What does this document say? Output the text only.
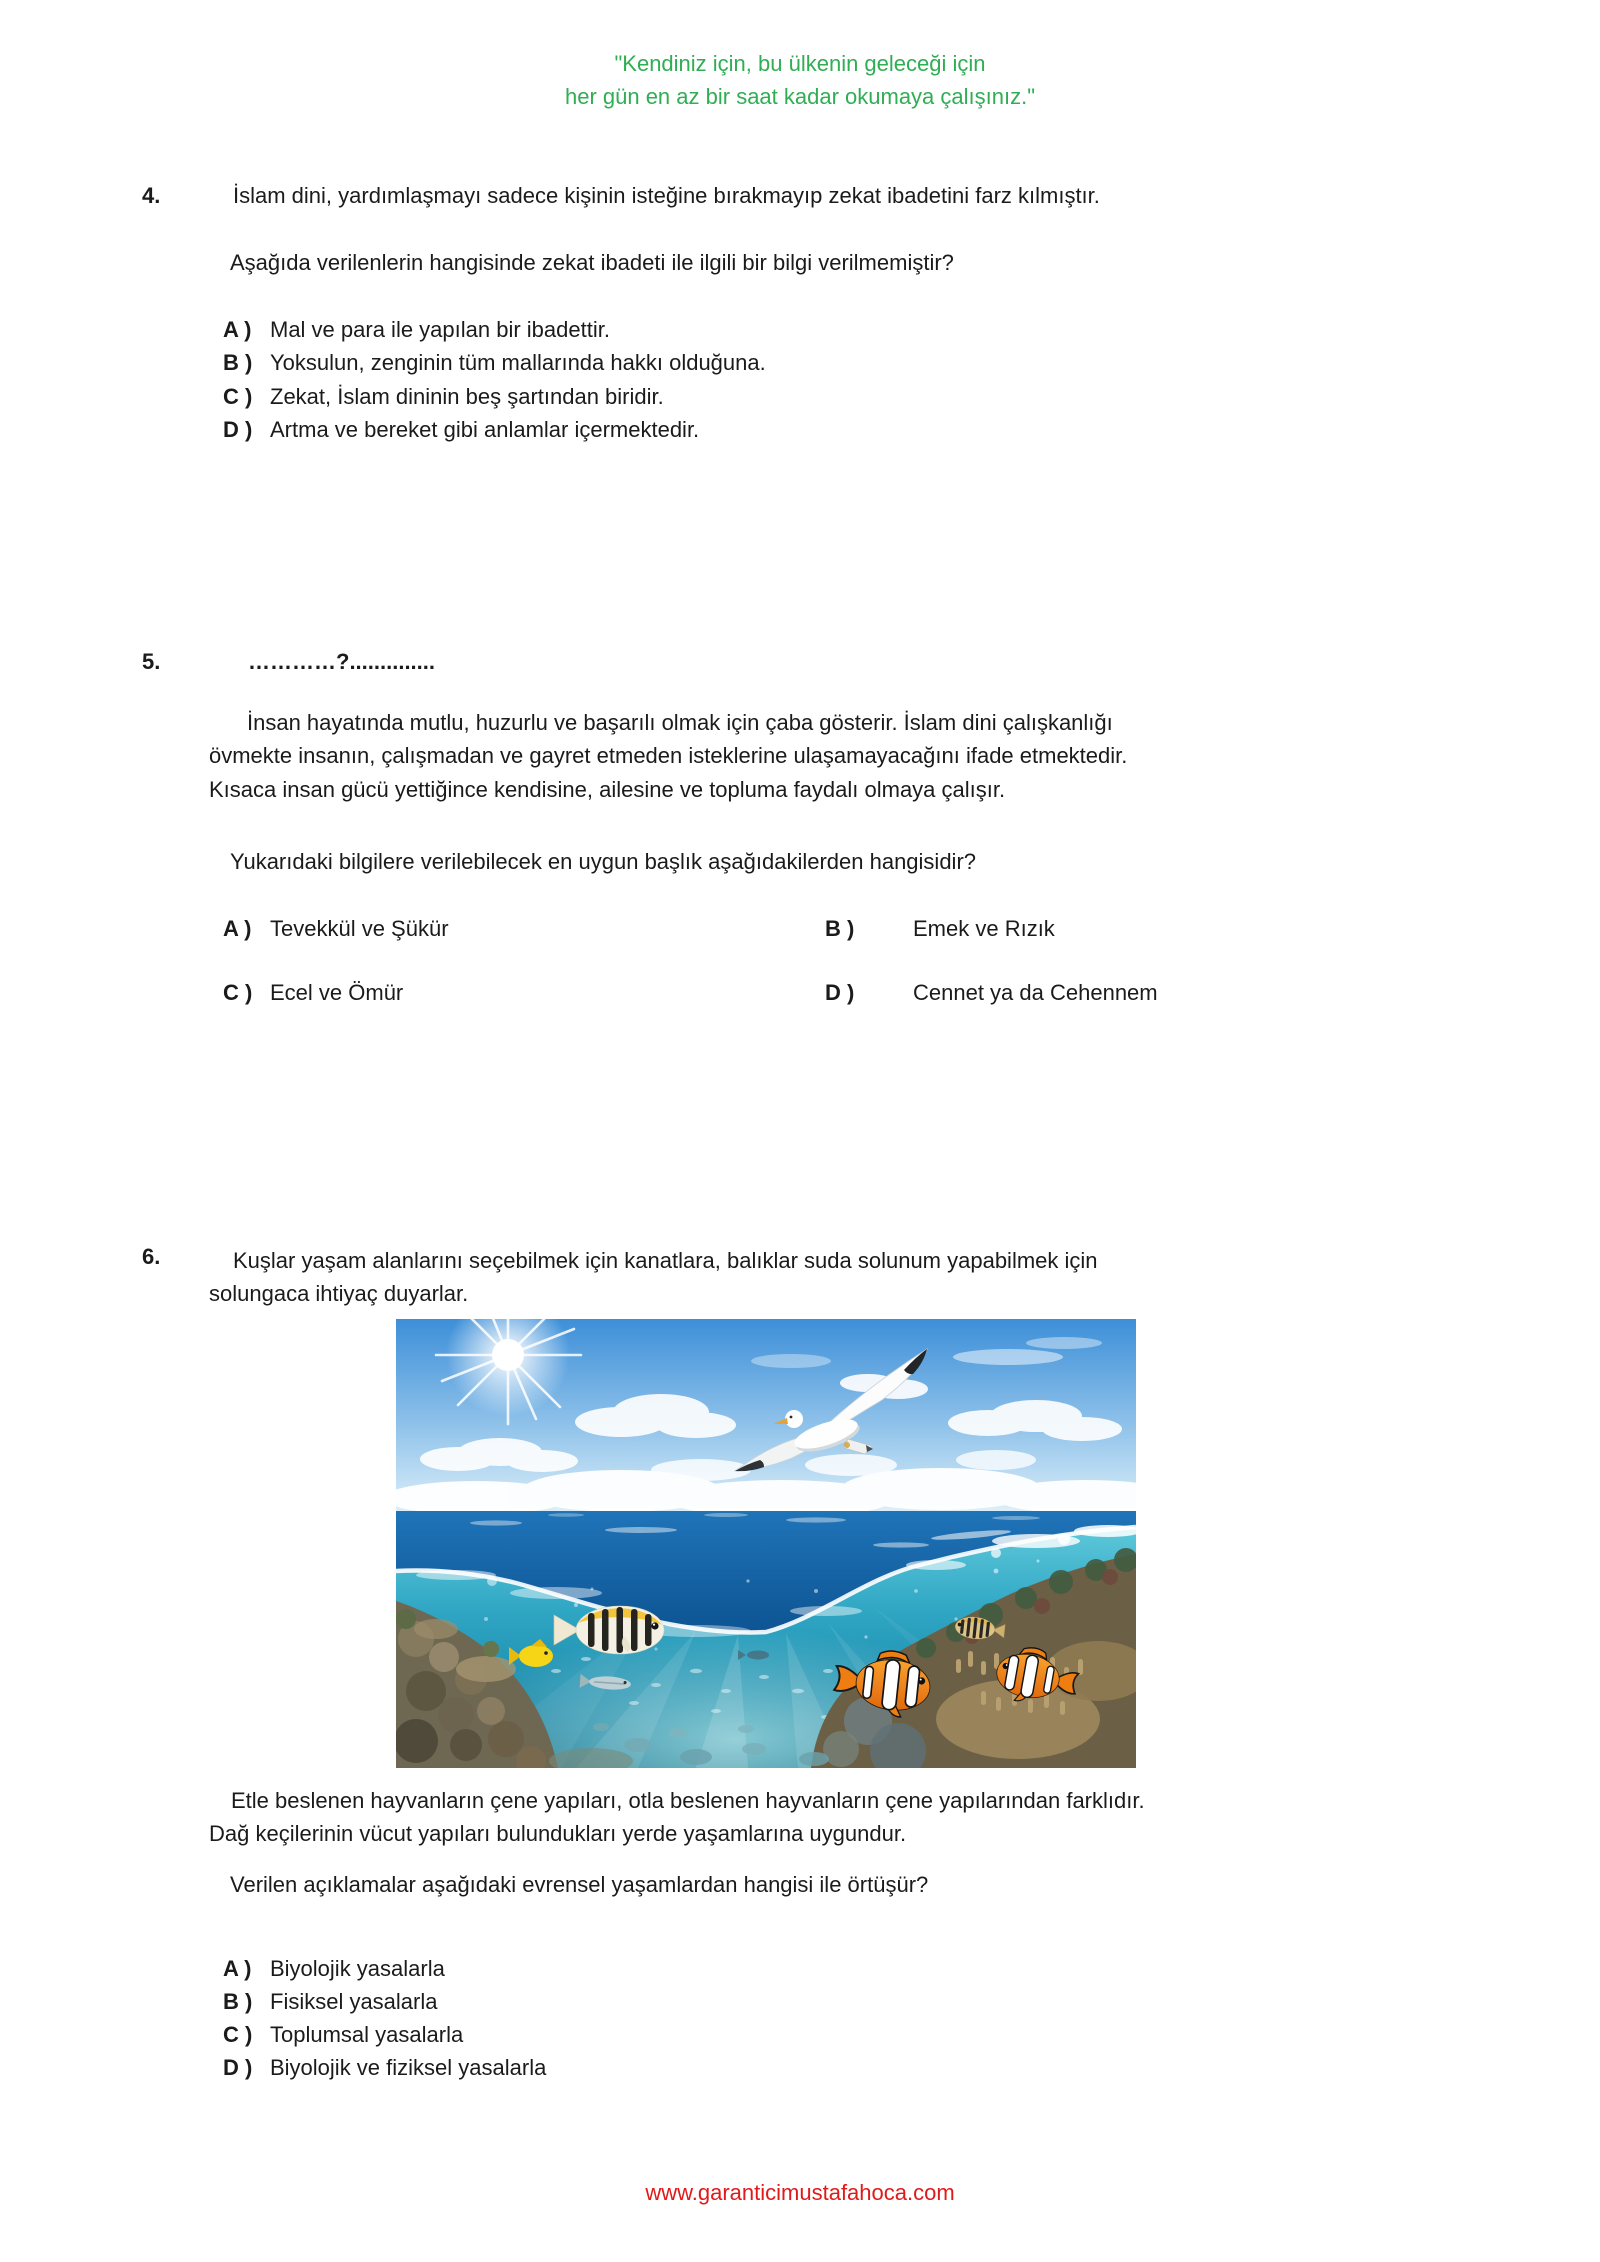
"Kendiniz için, bu ülkenin geleceği için
her gün en az bir saat kadar okumaya çalışınız."
4.	İslam dini, yardımlaşmayı sadece kişinin isteğine bırakmayıp zekat ibadetini farz kılmıştır.
Aşağıda verilenlerin hangisinde zekat ibadeti ile ilgili bir bilgi verilmemiştir?
A ) Mal ve para ile yapılan bir ibadettir.
B ) Yoksulun, zenginin tüm mallarında hakkı olduğuna.
C ) Zekat, İslam dininin beş şartından biridir.
D ) Artma ve bereket gibi anlamlar içermektedir.
5.	…………?..............
İnsan hayatında mutlu, huzurlu ve başarılı olmak için çaba gösterir. İslam dini çalışkanlığı
övmekte insanın, çalışmadan ve gayret etmeden isteklerine ulaşamayacağını ifade etmektedir.
Kısaca insan gücü yettiğince kendisine, ailesine ve topluma faydalı olmaya çalışır.
Yukarıdaki bilgilere verilebilecek en uygun başlık aşağıdakilerden hangisidir?
A ) Tevekkül ve Şükür	B )	Emek ve Rızık
C ) Ecel ve Ömür	D )	Cennet ya da Cehennem
6.	Kuşlar yaşam alanlarını seçebilmek için kanatlara, balıklar suda solunum yapabilmek için
solungaca ihtiyaç duyarlar.
Etle beslenen hayvanların çene yapıları, otla beslenen hayvanların çene yapılarından farklıdır.
Dağ keçilerinin vücut yapıları bulundukları yerde yaşamlarına uygundur.
Verilen açıklamalar aşağıdaki evrensel yaşamlardan hangisi ile örtüşür?
A ) Biyolojik yasalarla
B ) Fisiksel yasalarla
C ) Toplumsal yasalarla
D ) Biyolojik ve fiziksel yasalarla
www.garanticimustafahoca.com
